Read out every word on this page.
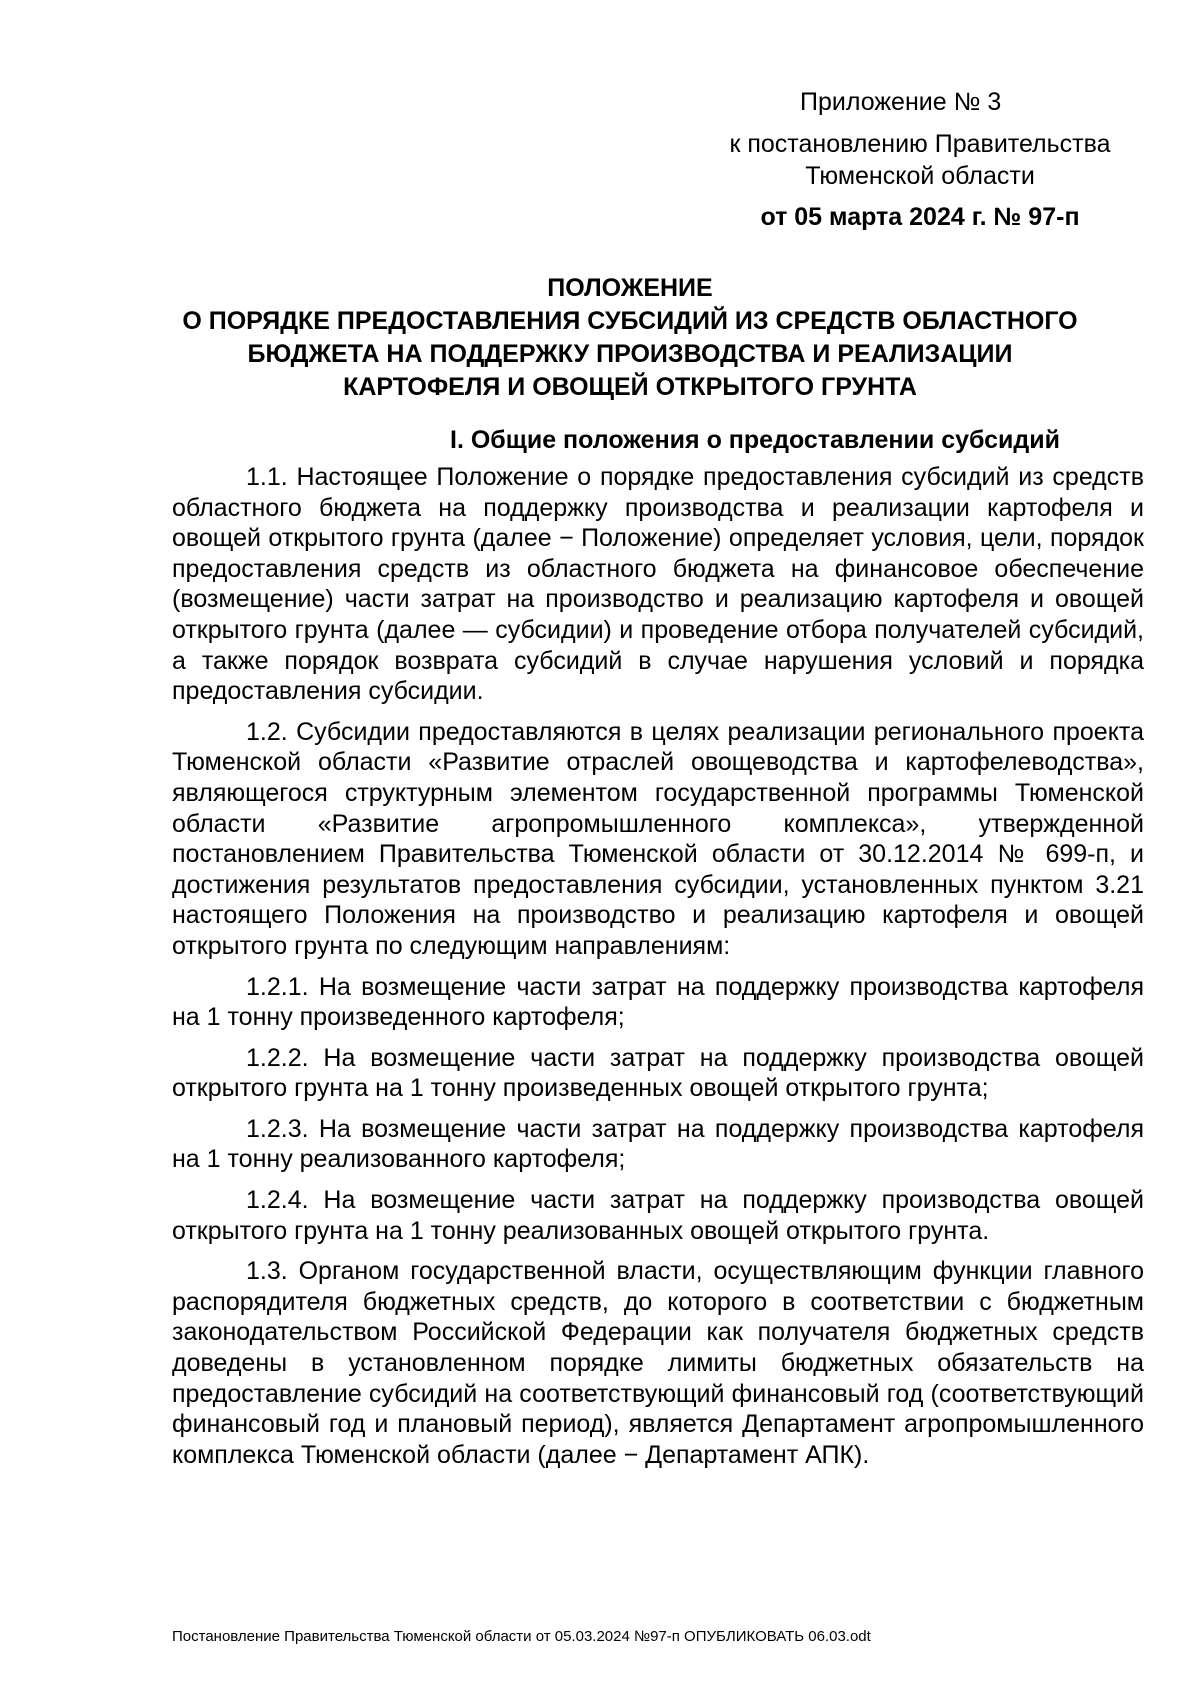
Приложение № 3
к постановлению Правительства
Тюменской области
от 05 марта 2024 г. № 97-п
ПОЛОЖЕНИЕ
О ПОРЯДКЕ ПРЕДОСТАВЛЕНИЯ СУБСИДИЙ ИЗ СРЕДСТВ ОБЛАСТНОГО
БЮДЖЕТА НА ПОДДЕРЖКУ ПРОИЗВОДСТВА И РЕАЛИЗАЦИИ
КАРТОФЕЛЯ И ОВОЩЕЙ ОТКРЫТОГО ГРУНТА
I. Общие положения о предоставлении субсидий

1.1. Настоящее Положение о порядке предоставления субсидий из средств областного бюджета на поддержку производства и реализации картофеля и овощей открытого грунта (далее − Положение) определяет условия, цели, порядок предоставления средств из областного бюджета на финансовое обеспечение (возмещение) части затрат на производство и реализацию картофеля и овощей открытого грунта (далее — субсидии) и проведение отбора получателей субсидий, а также порядок возврата субсидий в случае нарушения условий и порядка предоставления субсидии.

1.2. Субсидии предоставляются в целях реализации регионального проекта Тюменской области «Развитие отраслей овощеводства и картофелеводства», являющегося структурным элементом государственной программы Тюменской области «Развитие агропромышленного комплекса», утвержденной постановлением Правительства Тюменской области от 30.12.2014 № 699-п, и достижения результатов предоставления субсидии, установленных пунктом 3.21 настоящего Положения на производство и реализацию картофеля и овощей открытого грунта по следующим направлениям:

1.2.1. На возмещение части затрат на поддержку производства картофеля на 1 тонну произведенного картофеля;

1.2.2. На возмещение части затрат на поддержку производства овощей открытого грунта на 1 тонну произведенных овощей открытого грунта;

1.2.3. На возмещение части затрат на поддержку производства картофеля на 1 тонну реализованного картофеля;

1.2.4. На возмещение части затрат на поддержку производства овощей открытого грунта на 1 тонну реализованных овощей открытого грунта.

1.3. Органом государственной власти, осуществляющим функции главного распорядителя бюджетных средств, до которого в соответствии с бюджетным законодательством Российской Федерации как получателя бюджетных средств доведены в установленном порядке лимиты бюджетных обязательств на предоставление субсидий на соответствующий финансовый год (соответствующий финансовый год и плановый период), является Департамент агропромышленного комплекса Тюменской области (далее − Департамент АПК).

Постановление Правительства Тюменской области от 05.03.2024 №97-п ОПУБЛИКОВАТЬ 06.03.odt
